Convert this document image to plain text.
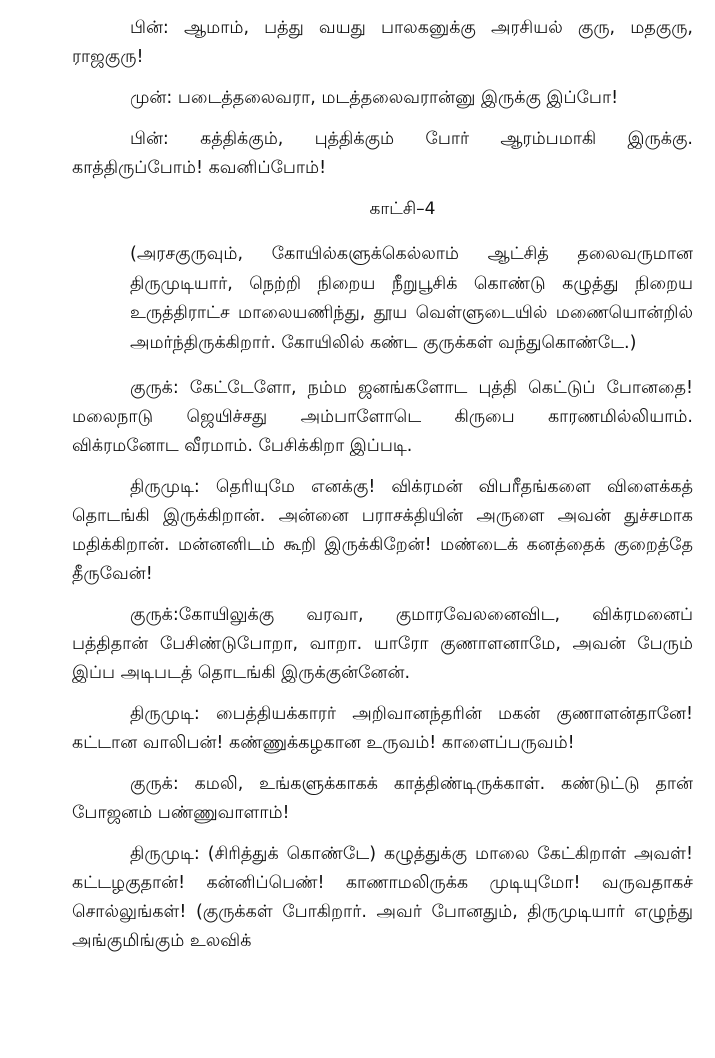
பின்: ஆமாம், பத்து வயது பாலகனுக்கு அரசியல் குரு, மதகுரு, ராஜகுரு!

முன்: படைத்தலைவரா, மடத்தலைவரான்னு இருக்கு இப்போ!

பின்: கத்திக்கும், புத்திக்கும் போர் ஆரம்பமாகி இருக்கு. காத்திருப்போம்! கவனிப்போம்!

காட்சி–4

(அரசகுருவும், கோயில்களுக்கெல்லாம் ஆட்சித் தலைவருமான திருமுடியார், நெற்றி நிறைய நீறுபூசிக் கொண்டு கழுத்து நிறைய உருத்திராட்ச மாலையணிந்து, தூய வெள்ளுடையில் மணையொன்றில் அமர்ந்திருக்கிறார். கோயிலில் கண்ட குருக்கள் வந்துகொண்டே.)

குருக்: கேட்டேளோ, நம்ம ஜனங்களோட புத்தி கெட்டுப் போனதை! மலைநாடு ஜெயிச்சது அம்பாளோடெ கிருபை காரணமில்லியாம். விக்ரமனோட வீரமாம். பேசிக்கிறா இப்படி.

திருமுடி: தெரியுமே எனக்கு! விக்ரமன் விபரீதங்களை விளைக்கத் தொடங்கி இருக்கிறான். அன்னை பராசக்தியின் அருளை அவன் துச்சமாக மதிக்கிறான். மன்னனிடம் கூறி இருக்கிறேன்! மண்டைக் கனத்தைக் குறைத்தே தீருவேன்!

குருக்:கோயிலுக்கு வரவா, குமாரவேலனைவிட, விக்ரமனைப் பத்திதான் பேசிண்டுபோறா, வாறா. யாரோ குணாளனாமே, அவன் பேரும் இப்ப அடிபடத் தொடங்கி இருக்குன்னேன்.

திருமுடி: பைத்தியக்காரர் அறிவானந்தரின் மகன் குணாளன்தானே! கட்டான வாலிபன்! கண்ணுக்கழகான உருவம்! காளைப்பருவம்!

குருக்: கமலி, உங்களுக்காகக் காத்திண்டிருக்காள். கண்டுட்டு தான் போஜனம் பண்ணுவாளாம்!

திருமுடி: (சிரித்துக் கொண்டே) கழுத்துக்கு மாலை கேட்கிறாள் அவள்! கட்டழகுதான்! கன்னிப்பெண்! காணாமலிருக்க முடியுமோ! வருவதாகச் சொல்லுங்கள்! (குருக்கள் போகிறார். அவர் போனதும், திருமுடியார் எழுந்து அங்குமிங்கும் உலவிக்
